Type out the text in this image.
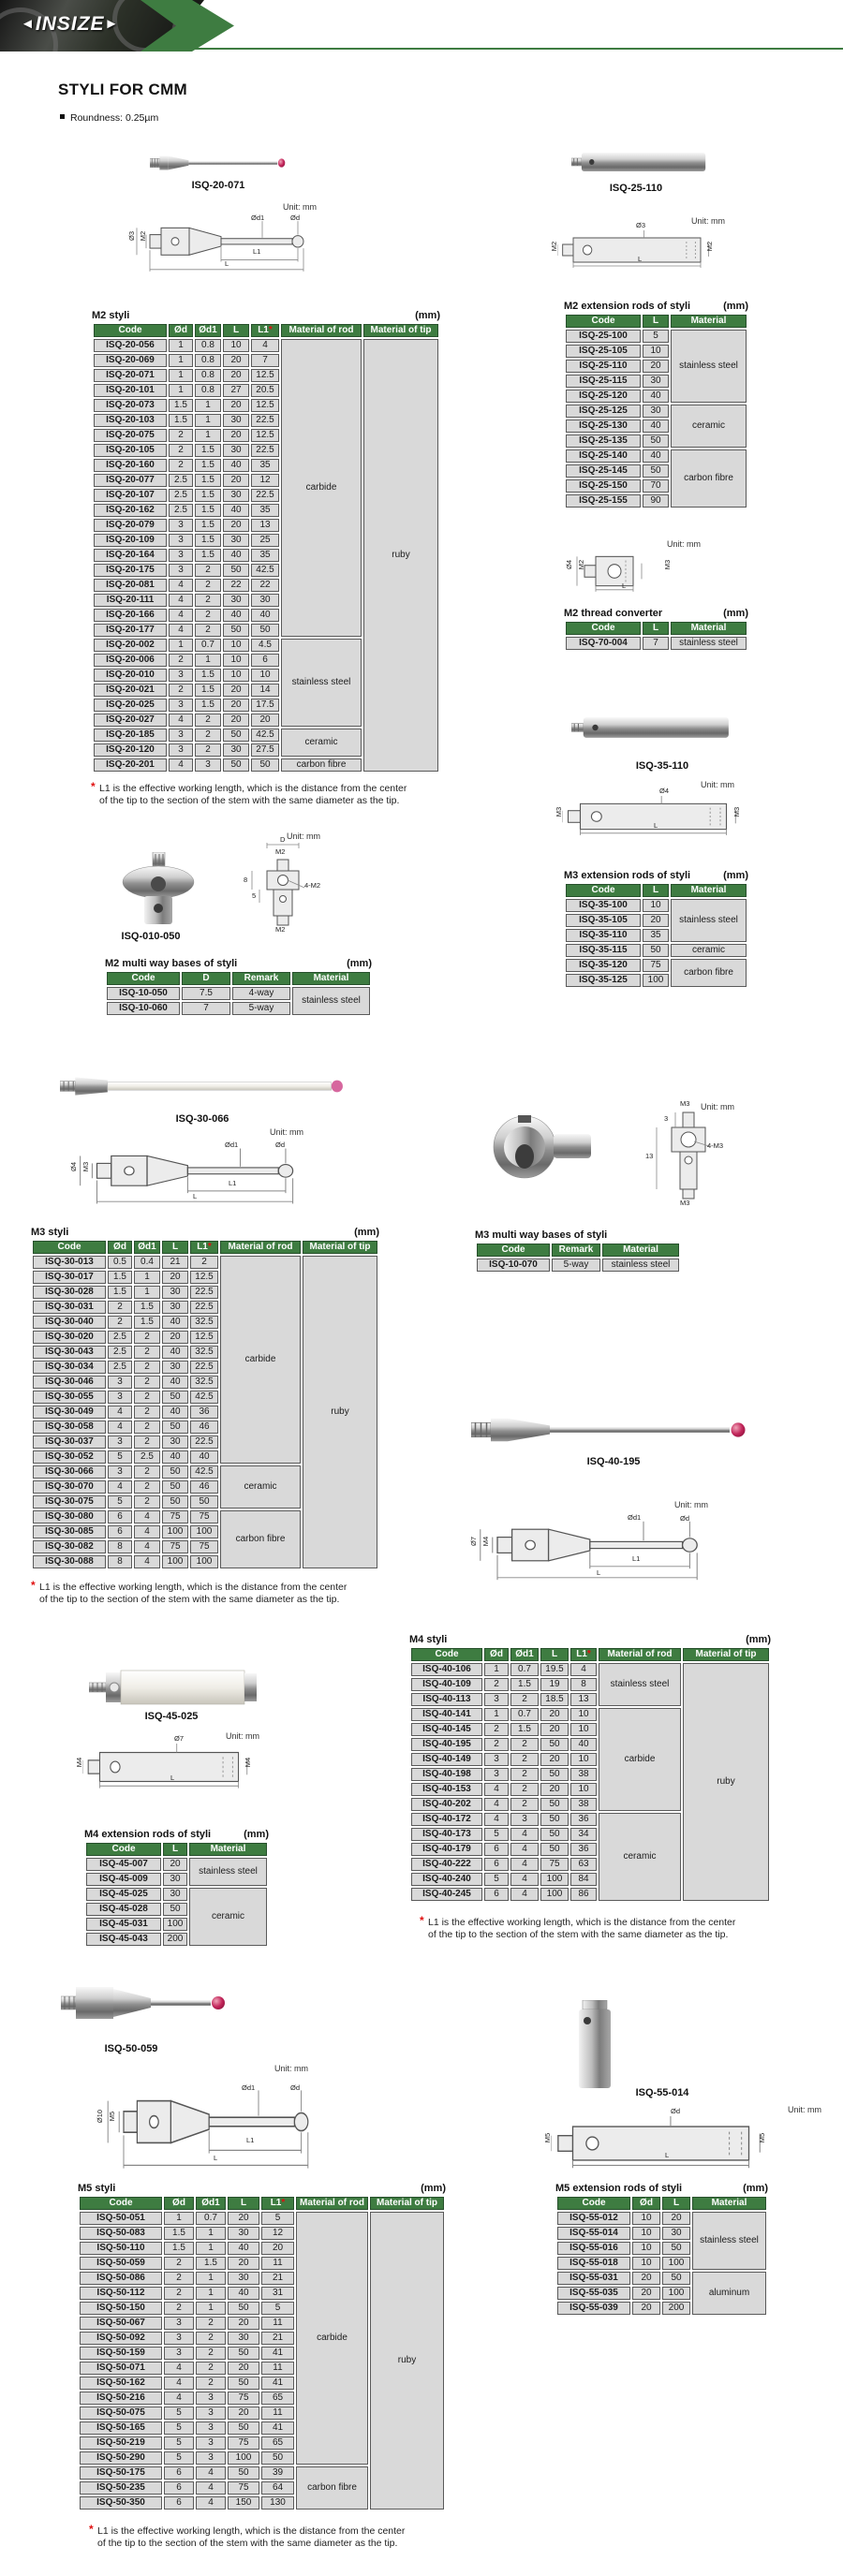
◄INSIZE►
STYLI FOR CMM
Roundness: 0.25µm
ISQ-20-071
Unit: mm
Ø3 M2
Ød1	Ød
L1
L
M2 styli	(mm)
Code	Ød	Ød1	L	L1*	Material of rod	Material of tip
ISQ-20-056	1	0.8	10	4	carbide	ruby
ISQ-20-069	1	0.8	20	7		
ISQ-20-071	1	0.8	20	12.5		
ISQ-20-101	1	0.8	27	20.5		
ISQ-20-073	1.5	1	20	12.5		
ISQ-20-103	1.5	1	30	22.5		
ISQ-20-075	2	1	20	12.5		
ISQ-20-105	2	1.5	30	22.5		
ISQ-20-160	2	1.5	40	35		
ISQ-20-077	2.5	1.5	20	12		
ISQ-20-107	2.5	1.5	30	22.5		
ISQ-20-162	2.5	1.5	40	35		
ISQ-20-079	3	1.5	20	13		
ISQ-20-109	3	1.5	30	25		
ISQ-20-164	3	1.5	40	35		
ISQ-20-175	3	2	50	42.5		
ISQ-20-081	4	2	22	22		
ISQ-20-111	4	2	30	30		
ISQ-20-166	4	2	40	40		
ISQ-20-177	4	2	50	50		
ISQ-20-002	1	0.7	10	4.5	stainless steel	
ISQ-20-006	2	1	10	6		
ISQ-20-010	3	1.5	10	10		
ISQ-20-021	2	1.5	20	14		
ISQ-20-025	3	1.5	20	17.5		
ISQ-20-027	4	2	20	20		
ISQ-20-185	3	2	50	42.5	ceramic	
ISQ-20-120	3	2	30	27.5		
ISQ-20-201	4	3	50	50	carbon fibre	
* L1 is the effective working length, which is the distance from the center
of the tip to the section of the stem with the same diameter as the tip.
ISQ-25-110
Unit: mm
Ø3
M2	M2
L
M2 extension rods of styli	(mm)
Code	L	Material
ISQ-25-100	5	stainless steel
ISQ-25-105	10	
ISQ-25-110	20	
ISQ-25-115	30	
ISQ-25-120	40	
ISQ-25-125	30	ceramic
ISQ-25-130	40	
ISQ-25-135	50	
ISQ-25-140	40	carbon fibre
ISQ-25-145	50	
ISQ-25-150	70	
ISQ-25-155	90	
Unit: mm
Ø4 M2	M3
L
M2 thread converter	(mm)
Code	L	Material
ISQ-70-004	7	stainless steel
ISQ-35-110
Unit: mm
Ø4
M3	M3
L
M3 extension rods of styli	(mm)
Code	L	Material
ISQ-35-100	10	stainless steel
ISQ-35-105	20	
ISQ-35-110	35	
ISQ-35-115	50	ceramic
ISQ-35-120	75	carbon fibre
ISQ-35-125	100	
ISQ-010-050
Unit: mm
D
M2
4-M2
8
5
M2
M2 multi way bases of styli	(mm)
Code	D	Remark	Material
ISQ-10-050	7.5	4-way	stainless steel
ISQ-10-060	7	5-way	
ISQ-30-066
Unit: mm
Ø4 M3
Ød1	Ød
L1
L
M3 styli	(mm)
Code	Ød	Ød1	L	L1*	Material of rod	Material of tip
ISQ-30-013	0.5	0.4	21	2	carbide	ruby
ISQ-30-017	1.5	1	20	12.5		
ISQ-30-028	1.5	1	30	22.5		
ISQ-30-031	2	1.5	30	22.5		
ISQ-30-040	2	1.5	40	32.5		
ISQ-30-020	2.5	2	20	12.5		
ISQ-30-043	2.5	2	40	32.5		
ISQ-30-034	2.5	2	30	22.5		
ISQ-30-046	3	2	40	32.5		
ISQ-30-055	3	2	50	42.5		
ISQ-30-049	4	2	40	36		
ISQ-30-058	4	2	50	46		
ISQ-30-037	3	2	30	22.5		
ISQ-30-052	5	2.5	40	40		
ISQ-30-066	3	2	50	42.5	ceramic	
ISQ-30-070	4	2	50	46		
ISQ-30-075	5	2	50	50		
ISQ-30-080	6	4	75	75	carbon fibre	
ISQ-30-085	6	4	100	100		
ISQ-30-082	8	4	75	75		
ISQ-30-088	8	4	100	100		
* L1 is the effective working length, which is the distance from the center
of the tip to the section of the stem with the same diameter as the tip.
Unit: mm
M3
3
13
4-M3
M3
M3 multi way bases of styli
Code	Remark	Material
ISQ-10-070	5-way	stainless steel
ISQ-40-195
Unit: mm
Ø7 M4
Ød1	Ød
L1
L
M4 styli	(mm)
Code	Ød	Ød1	L	L1*	Material of rod	Material of tip
ISQ-40-106	1	0.7	19.5	4	stainless steel	ruby
ISQ-40-109	2	1.5	19	8		
ISQ-40-113	3	2	18.5	13		
ISQ-40-141	1	0.7	20	10	carbide	
ISQ-40-145	2	1.5	20	10		
ISQ-40-195	2	2	50	40		
ISQ-40-149	3	2	20	10		
ISQ-40-198	3	2	50	38		
ISQ-40-153	4	2	20	10		
ISQ-40-202	4	2	50	38		
ISQ-40-172	4	3	50	36	ceramic	
ISQ-40-173	5	4	50	34		
ISQ-40-179	6	4	50	36		
ISQ-40-222	6	4	75	63		
ISQ-40-240	5	4	100	84		
ISQ-40-245	6	4	100	86		
* L1 is the effective working length, which is the distance from the center
of the tip to the section of the stem with the same diameter as the tip.
ISQ-45-025
Unit: mm
Ø7
M4	M4
L
M4 extension rods of styli	(mm)
Code	L	Material
ISQ-45-007	20	stainless steel
ISQ-45-009	30	
ISQ-45-025	30	ceramic
ISQ-45-028	50	
ISQ-45-031	100	
ISQ-45-043	200	
ISQ-50-059
Unit: mm
Ø10 M5
Ød1	Ød
L1
L
M5 styli	(mm)
Code	Ød	Ød1	L	L1*	Material of rod	Material of tip
ISQ-50-051	1	0.7	20	5	carbide	ruby
ISQ-50-083	1.5	1	30	12		
ISQ-50-110	1.5	1	40	20		
ISQ-50-059	2	1.5	20	11		
ISQ-50-086	2	1	30	21		
ISQ-50-112	2	1	40	31		
ISQ-50-150	2	1	50	5		
ISQ-50-067	3	2	20	11		
ISQ-50-092	3	2	30	21		
ISQ-50-159	3	2	50	41		
ISQ-50-071	4	2	20	11		
ISQ-50-162	4	2	50	41		
ISQ-50-216	4	3	75	65		
ISQ-50-075	5	3	20	11		
ISQ-50-165	5	3	50	41		
ISQ-50-219	5	3	75	65		
ISQ-50-290	5	3	100	50		
ISQ-50-175	6	4	50	39	carbon fibre	
ISQ-50-235	6	4	75	64		
ISQ-50-350	6	4	150	130		
* L1 is the effective working length, which is the distance from the center
of the tip to the section of the stem with the same diameter as the tip.
ISQ-55-014
Unit: mm
Ød
M5	M5
L
M5 extension rods of styli	(mm)
Code	Ød	L	Material
ISQ-55-012	10	20	stainless steel
ISQ-55-014	10	30	
ISQ-55-016	10	50	
ISQ-55-018	10	100	
ISQ-55-031	20	50	aluminum
ISQ-55-035	20	100	
ISQ-55-039	20	200	
